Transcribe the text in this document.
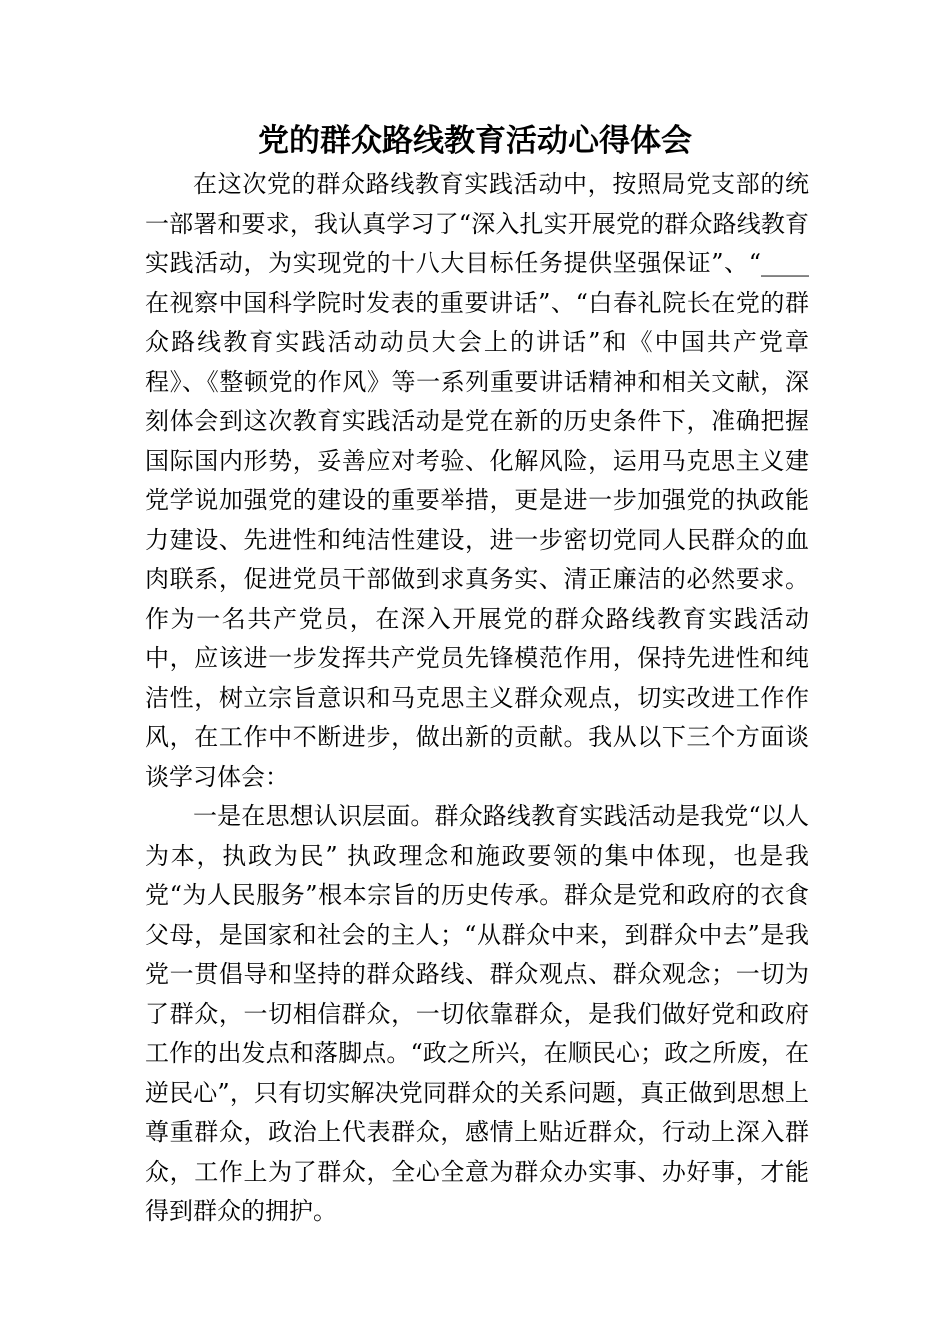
党的群众路线教育活动心得体会

在这次党的群众路线教育实践活动中，按照局党支部的统一部署和要求，我认真学习了“深入扎实开展党的群众路线教育实践活动，为实现党的十八大目标任务提供坚强保证”、“____在视察中国科学院时发表的重要讲话”、“白春礼院长在党的群众路线教育实践活动动员大会上的讲话”和《中国共产党章程》、《整顿党的作风》等一系列重要讲话精神和相关文献，深刻体会到这次教育实践活动是党在新的历史条件下，准确把握国际国内形势，妥善应对考验、化解风险，运用马克思主义建党学说加强党的建设的重要举措，更是进一步加强党的执政能力建设、先进性和纯洁性建设，进一步密切党同人民群众的血肉联系，促进党员干部做到求真务实、清正廉洁的必然要求。作为一名共产党员，在深入开展党的群众路线教育实践活动中，应该进一步发挥共产党员先锋模范作用，保持先进性和纯洁性，树立宗旨意识和马克思主义群众观点，切实改进工作作风，在工作中不断进步，做出新的贡献。我从以下三个方面谈谈学习体会：

一是在思想认识层面。群众路线教育实践活动是我党“以人为本，执政为民” 执政理念和施政要领的集中体现，也是我党“为人民服务”根本宗旨的历史传承。群众是党和政府的衣食父母，是国家和社会的主人；“从群众中来，到群众中去”是我党一贯倡导和坚持的群众路线、群众观点、群众观念；一切为了群众，一切相信群众，一切依靠群众，是我们做好党和政府工作的出发点和落脚点。“政之所兴，在顺民心；政之所废，在逆民心”，只有切实解决党同群众的关系问题，真正做到思想上尊重群众，政治上代表群众，感情上贴近群众，行动上深入群众，工作上为了群众，全心全意为群众办实事、办好事，才能得到群众的拥护。
